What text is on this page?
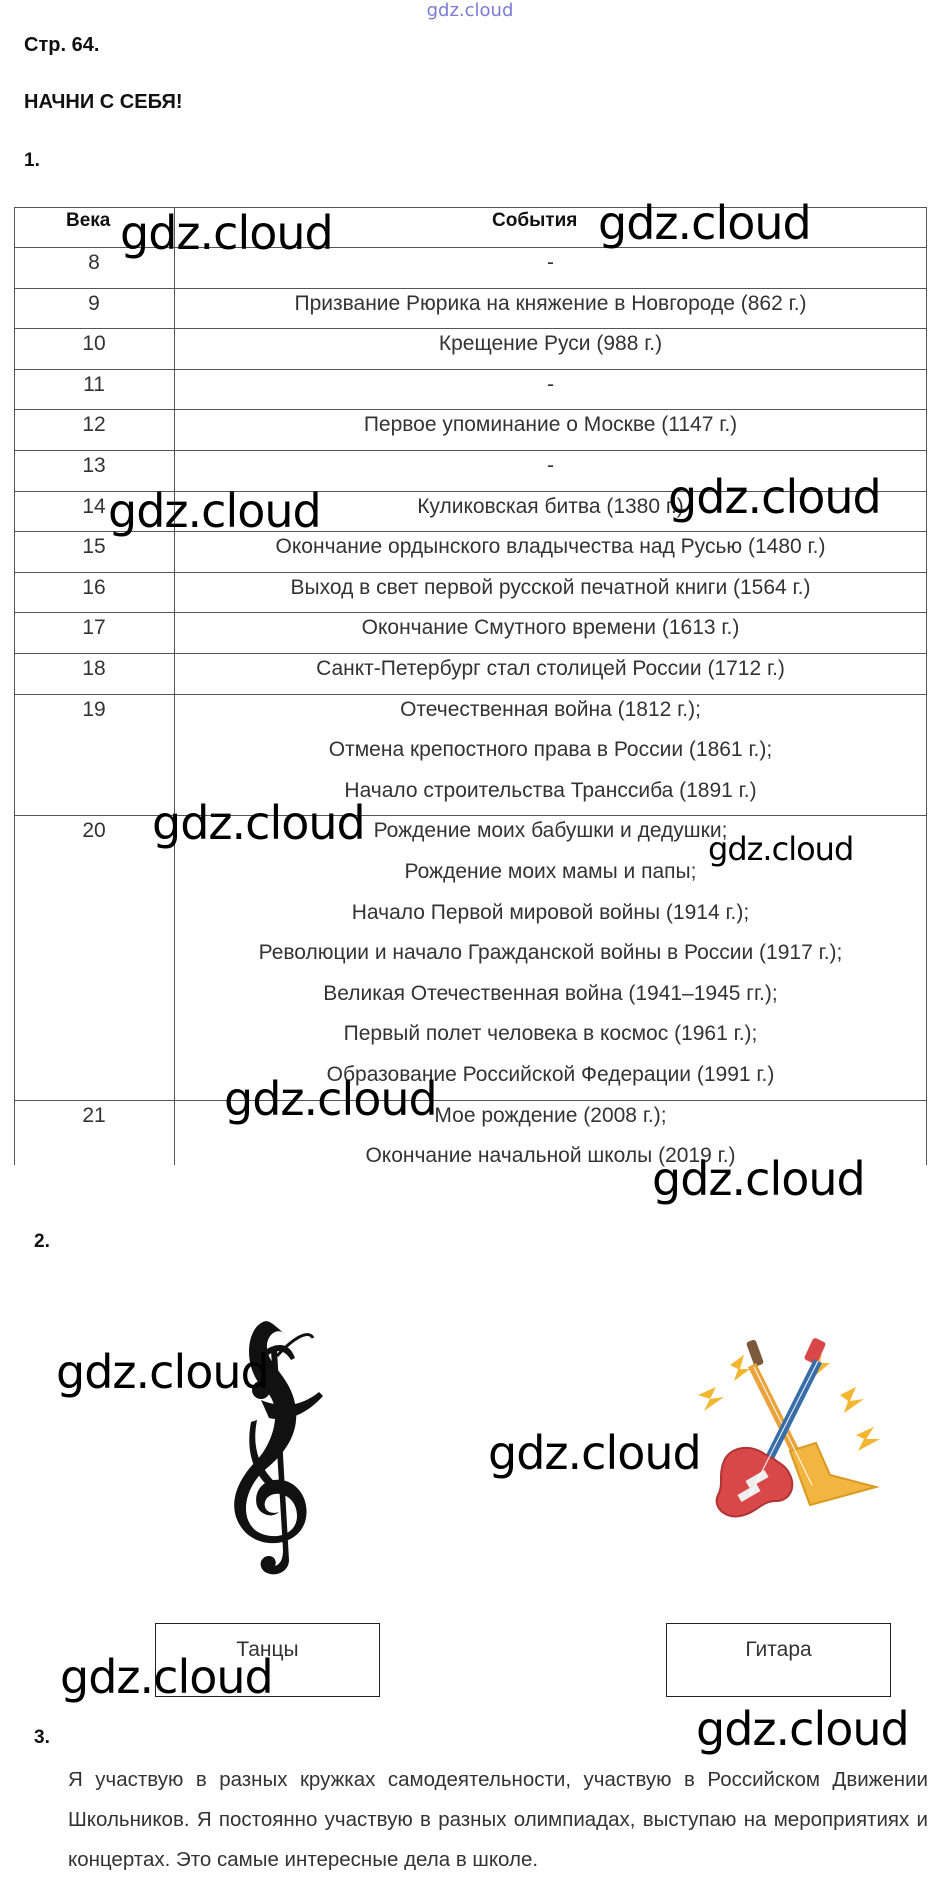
gdz.cloud
Стр. 64.
НАЧНИ С СЕБЯ!
1.
Века	События
8	-
9	Призвание Рюрика на княжение в Новгороде (862 г.)
10	Крещение Руси (988 г.)
11	-
12	Первое упоминание о Москве (1147 г.)
13	-
14	Куликовская битва (1380 г.)
15	Окончание ордынского владычества над Русью (1480 г.)
16	Выход в свет первой русской печатной книги (1564 г.)
17	Окончание Смутного времени (1613 г.)
18	Санкт-Петербург стал столицей России (1712 г.)
19	Отечественная война (1812 г.);
Отмена крепостного права в России (1861 г.);
Начало строительства Транссиба (1891 г.)
20	Рождение моих бабушки и дедушки;
Рождение моих мамы и папы;
Начало Первой мировой войны (1914 г.);
Революции и начало Гражданской войны в России (1917 г.);
Великая Отечественная война (1941–1945 гг.);
Первый полет человека в космос (1961 г.);
Образование Российской Федерации (1991 г.)
21	Мое рождение (2008 г.);
Окончание начальной школы (2019 г.)
2.
Танцы	Гитара
3.
Я участвую в разных кружках самодеятельности, участвую в Российском Движении Школьников. Я постоянно участвую в разных олимпиадах, выступаю на мероприятиях и концертах. Это самые интересные дела в школе.
gdz.cloud	gdz.cloud
gdz.cloud	gdz.cloud
gdz.cloud	gdz.cloud
gdz.cloud
gdz.cloud
gdz.cloud
gdz.cloud
gdz.cloud
gdz.cloud
